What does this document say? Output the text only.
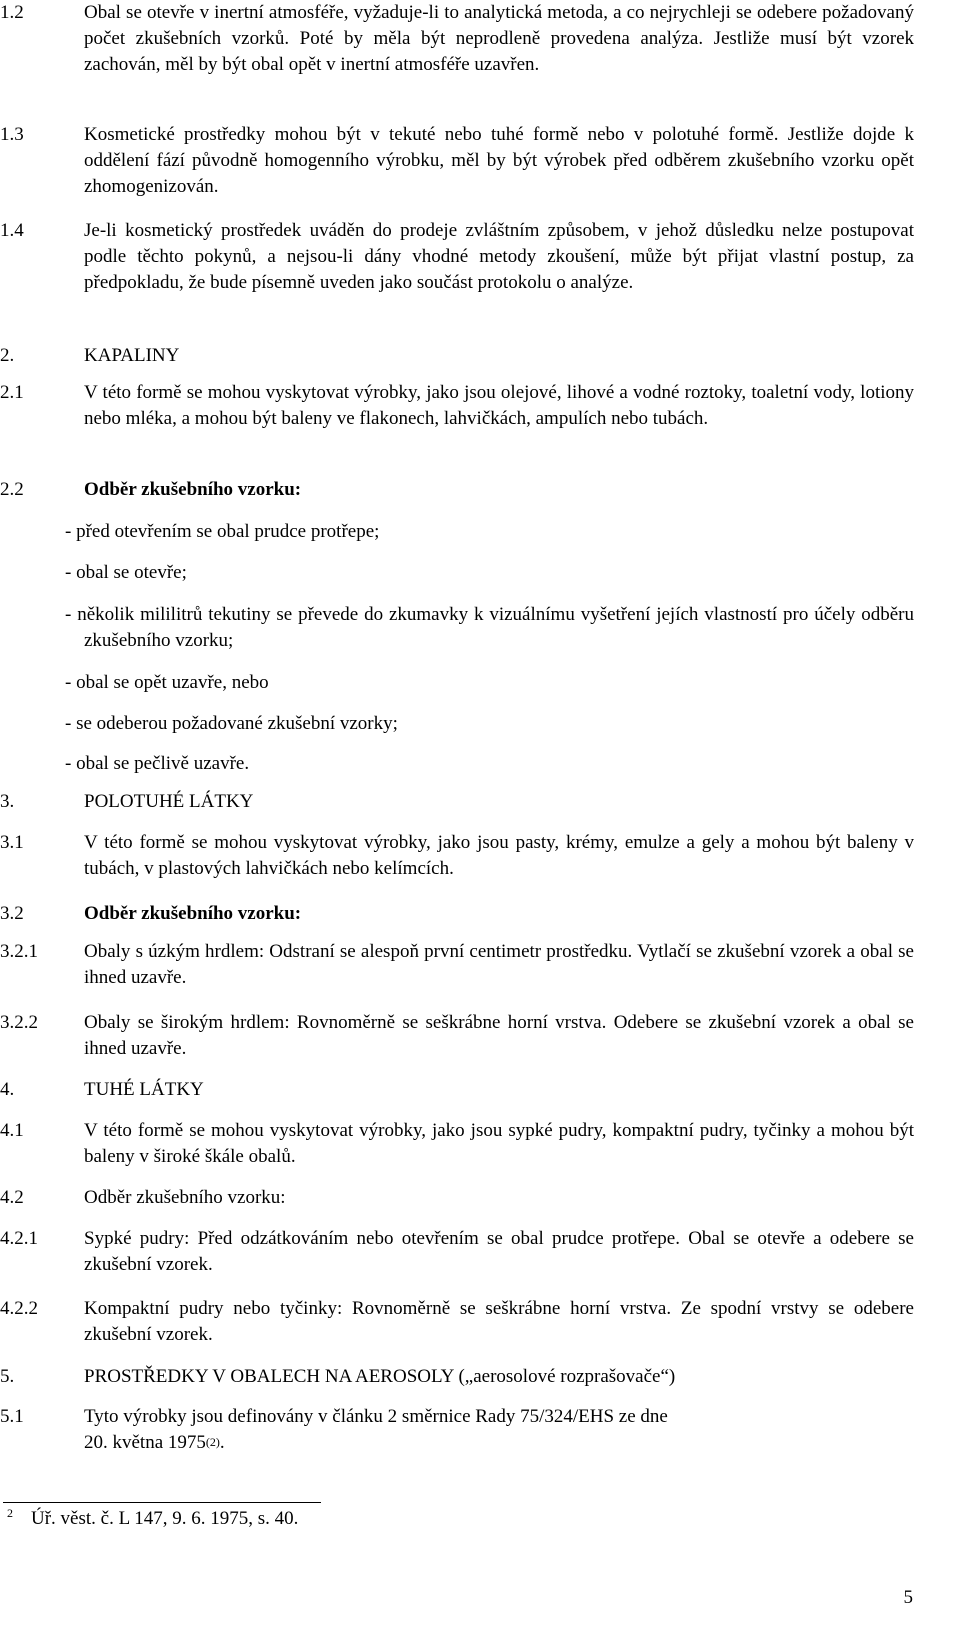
1.2	Obal se otevře v inertní atmosféře, vyžaduje-li to analytická metoda, a co nejrychleji se odebere požadovaný počet zkušebních vzorků. Poté by měla být neprodleně provedena analýza. Jestliže musí být vzorek zachován, měl by být obal opět v inertní atmosféře uzavřen.
1.3	Kosmetické prostředky mohou být v tekuté nebo tuhé formě nebo v polotuhé formě. Jestliže dojde k oddělení fází původně homogenního výrobku, měl by být výrobek před odběrem zkušebního vzorku opět zhomogenizován.
1.4	Je-li kosmetický prostředek uváděn do prodeje zvláštním způsobem, v jehož důsledku nelze postupovat podle těchto pokynů, a nejsou-li dány vhodné metody zkoušení, může být přijat vlastní postup, za předpokladu, že bude písemně uveden jako součást protokolu o analýze.
2.	KAPALINY
2.1	V této formě se mohou vyskytovat výrobky, jako jsou olejové, lihové a vodné roztoky, toaletní vody, lotiony nebo mléka, a mohou být baleny ve flakonech, lahvičkách, ampulích nebo tubách.
2.2	Odběr zkušebního vzorku:
- před otevřením se obal prudce protřepe;
- obal se otevře;
- několik mililitrů tekutiny se převede do zkumavky k vizuálnímu vyšetření jejích vlastností pro účely odběru zkušebního vzorku;
- obal se opět uzavře, nebo
- se odeberou požadované zkušební vzorky;
- obal se pečlivě uzavře.
3.	POLOTUHÉ LÁTKY
3.1	V této formě se mohou vyskytovat výrobky, jako jsou pasty, krémy, emulze a gely a mohou být baleny v tubách, v plastových lahvičkách nebo kelímcích.
3.2	Odběr zkušebního vzorku:
3.2.1 Obaly s úzkým hrdlem: Odstraní se alespoň první centimetr prostředku. Vytlačí se zkušební vzorek a obal se ihned uzavře.
3.2.2 Obaly se širokým hrdlem: Rovnoměrně se seškrábne horní vrstva. Odebere se zkušební vzorek a obal se ihned uzavře.
4.	TUHÉ LÁTKY
4.1	V této formě se mohou vyskytovat výrobky, jako jsou sypké pudry, kompaktní pudry, tyčinky a mohou být baleny v široké škále obalů.
4.2	Odběr zkušebního vzorku:
4.2.1 Sypké pudry: Před odzátkováním nebo otevřením se obal prudce protřepe. Obal se otevře a odebere se zkušební vzorek.
4.2.2 Kompaktní pudry nebo tyčinky: Rovnoměrně se seškrábne horní vrstva. Ze spodní vrstvy se odebere zkušební vzorek.
5.	PROSTŘEDKY V OBALECH NA AEROSOLY („aerosolové rozprašovače“)
5.1	Tyto výrobky jsou definovány v článku 2 směrnice Rady 75/324/EHS ze dne
20. května 1975$^{(2)}$.
$^2$ Úř. věst. č. L 147, 9. 6. 1975, s. 40.
5
